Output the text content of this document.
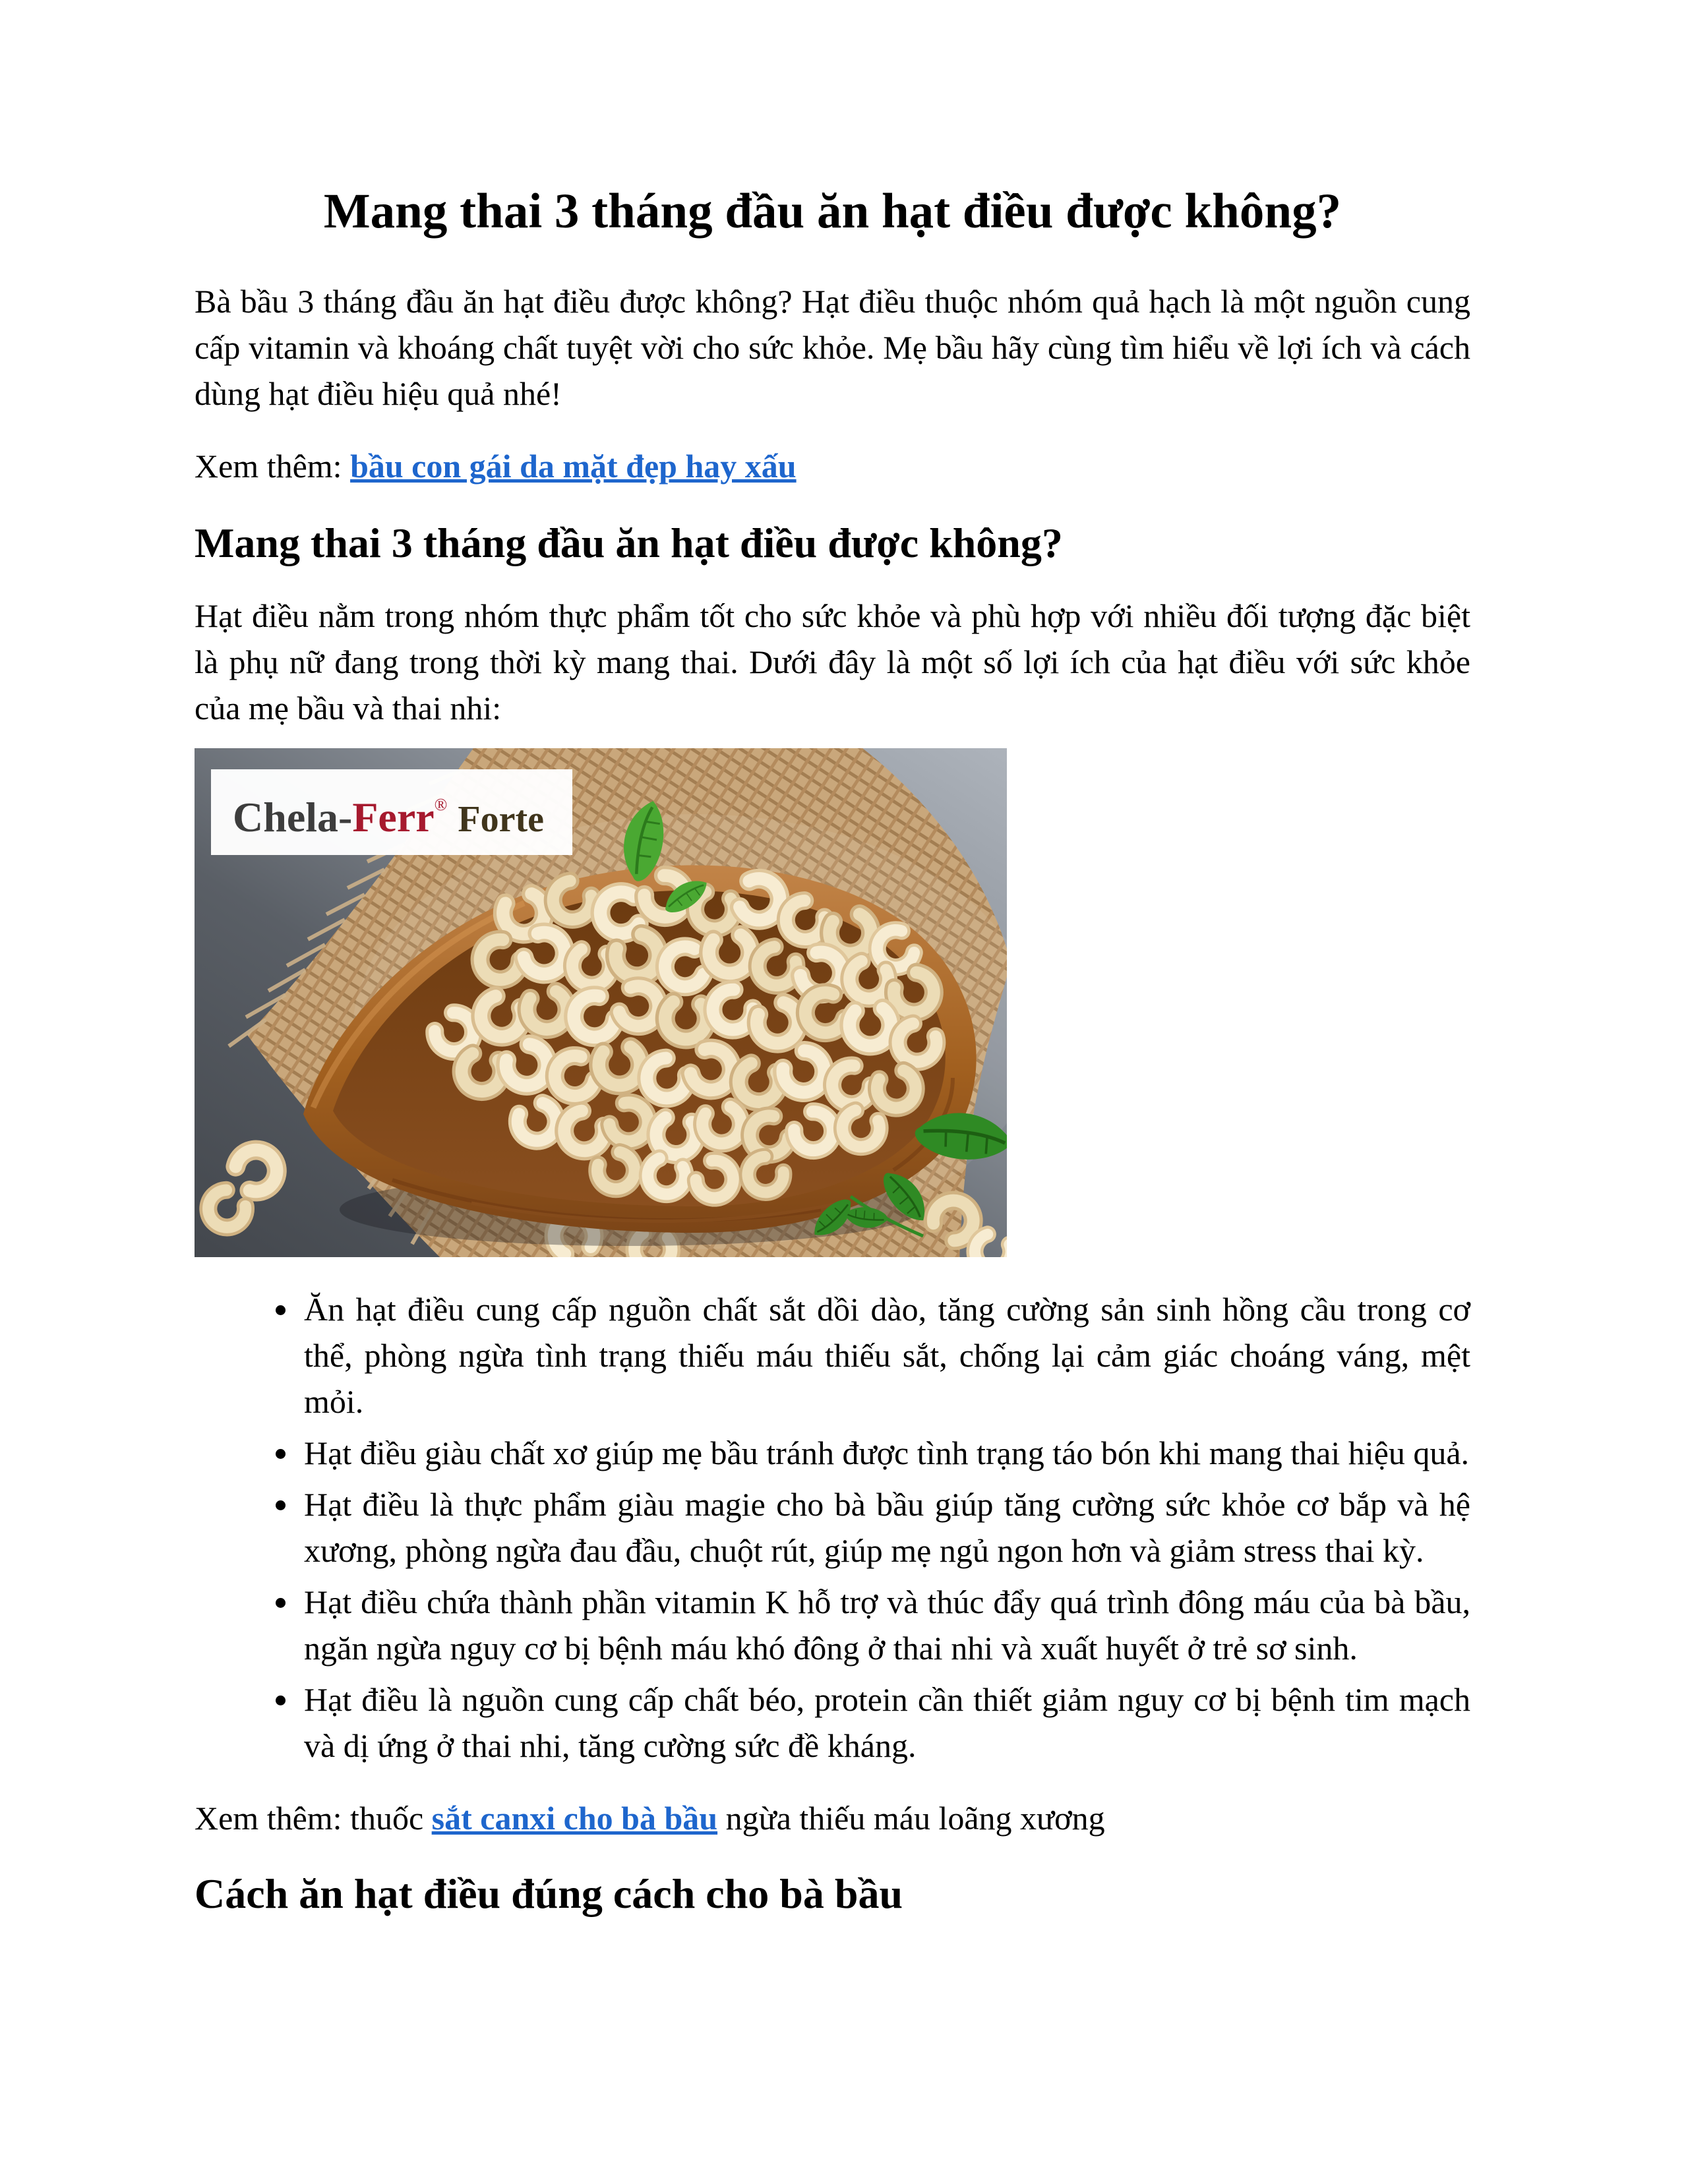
Mang thai 3 tháng đầu ăn hạt điều được không?

Bà bầu 3 tháng đầu ăn hạt điều được không? Hạt điều thuộc nhóm quả hạch là một nguồn cung cấp vitamin và khoáng chất tuyệt vời cho sức khỏe. Mẹ bầu hãy cùng tìm hiểu về lợi ích và cách dùng hạt điều hiệu quả nhé!

Xem thêm: bầu con gái da mặt đẹp hay xấu

Mang thai 3 tháng đầu ăn hạt điều được không?

Hạt điều nằm trong nhóm thực phẩm tốt cho sức khỏe và phù hợp với nhiều đối tượng đặc biệt là phụ nữ đang trong thời kỳ mang thai. Dưới đây là một số lợi ích của hạt điều với sức khỏe của mẹ bầu và thai nhi:

Chela-Ferr® Forte
• Ăn hạt điều cung cấp nguồn chất sắt dồi dào, tăng cường sản sinh hồng cầu trong cơ thể, phòng ngừa tình trạng thiếu máu thiếu sắt, chống lại cảm giác choáng váng, mệt mỏi.
• Hạt điều giàu chất xơ giúp mẹ bầu tránh được tình trạng táo bón khi mang thai hiệu quả.
• Hạt điều là thực phẩm giàu magie cho bà bầu giúp tăng cường sức khỏe cơ bắp và hệ xương, phòng ngừa đau đầu, chuột rút, giúp mẹ ngủ ngon hơn và giảm stress thai kỳ.
• Hạt điều chứa thành phần vitamin K hỗ trợ và thúc đẩy quá trình đông máu của bà bầu, ngăn ngừa nguy cơ bị bệnh máu khó đông ở thai nhi và xuất huyết ở trẻ sơ sinh.
• Hạt điều là nguồn cung cấp chất béo, protein cần thiết giảm nguy cơ bị bệnh tim mạch và dị ứng ở thai nhi, tăng cường sức đề kháng.

Xem thêm: thuốc sắt canxi cho bà bầu ngừa thiếu máu loãng xương

Cách ăn hạt điều đúng cách cho bà bầu
